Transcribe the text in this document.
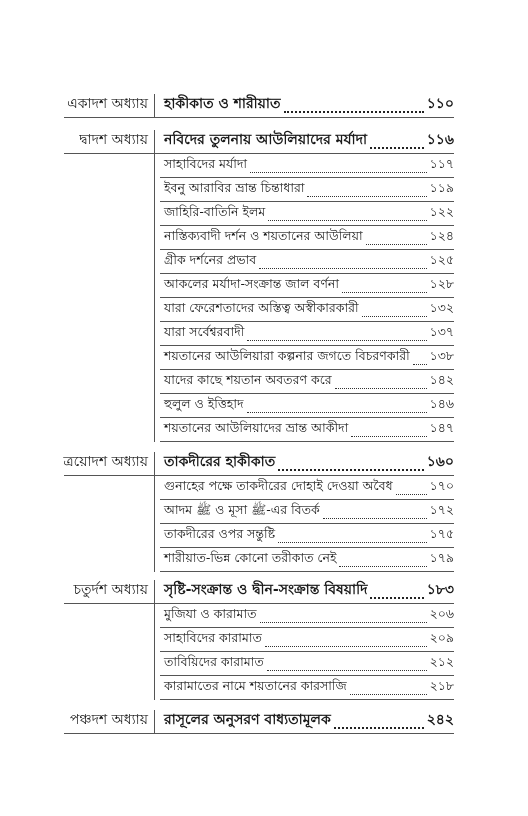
একাদশ অধ্যায় হাকীকাত ও শারীয়াত	১১০
দ্বাদশ অধ্যায় নবিদের তুলনায় আউলিয়াদের মর্যাদা	১১৬
সাহাবিদের মর্যাদা	১১৭
ইবনু আরাবির ভ্রান্ত চিন্তাধারা	১১৯
জাহিরি-বাতিনি ইলম	১২২
নাস্তিক্যবাদী দর্শন ও শয়তানের আউলিয়া	১২৪
গ্রীক দর্শনের প্রভাব	১২৫
আকলের মর্যাদা-সংক্রান্ত জাল বর্ণনা	১২৮
যারা ফেরেশতাদের অস্তিত্ব অস্বীকারকারী	১৩২
যারা সর্বেশ্বরবাদী	১৩৭
শয়তানের আউলিয়ারা কল্পনার জগতে বিচরণকারী ১৩৮
যাদের কাছে শয়তান অবতরণ করে	১৪২
হুলুল ও ইত্তিহাদ	১৪৬
শয়তানের আউলিয়াদের ভ্রান্ত আকীদা	১৪৭
ত্রয়োদশ অধ্যায় তাকদীরের হাকীকাত	১৬০
গুনাহের পক্ষে তাকদীরের দোহাই দেওয়া অবৈধ	১৭০
আদম ﷺ ও মূসা ﷺ-এর বিতর্ক	১৭২
তাকদীরের ওপর সন্তুষ্টি	১৭৫
শারীয়াত-ভিন্ন কোনো তরীকাত নেই	১৭৯
চতুর্দশ অধ্যায় সৃষ্টি-সংক্রান্ত ও দ্বীন-সংক্রান্ত বিষয়াদি	১৮৩
মুজিযা ও কারামাত	২০৬
সাহাবিদের কারামাত	২০৯
তাবিয়িদের কারামাত	২১২
কারামাতের নামে শয়তানের কারসাজি	২১৮
পঞ্চদশ অধ্যায় রাসূলের অনুসরণ বাধ্যতামূলক	২৪২
